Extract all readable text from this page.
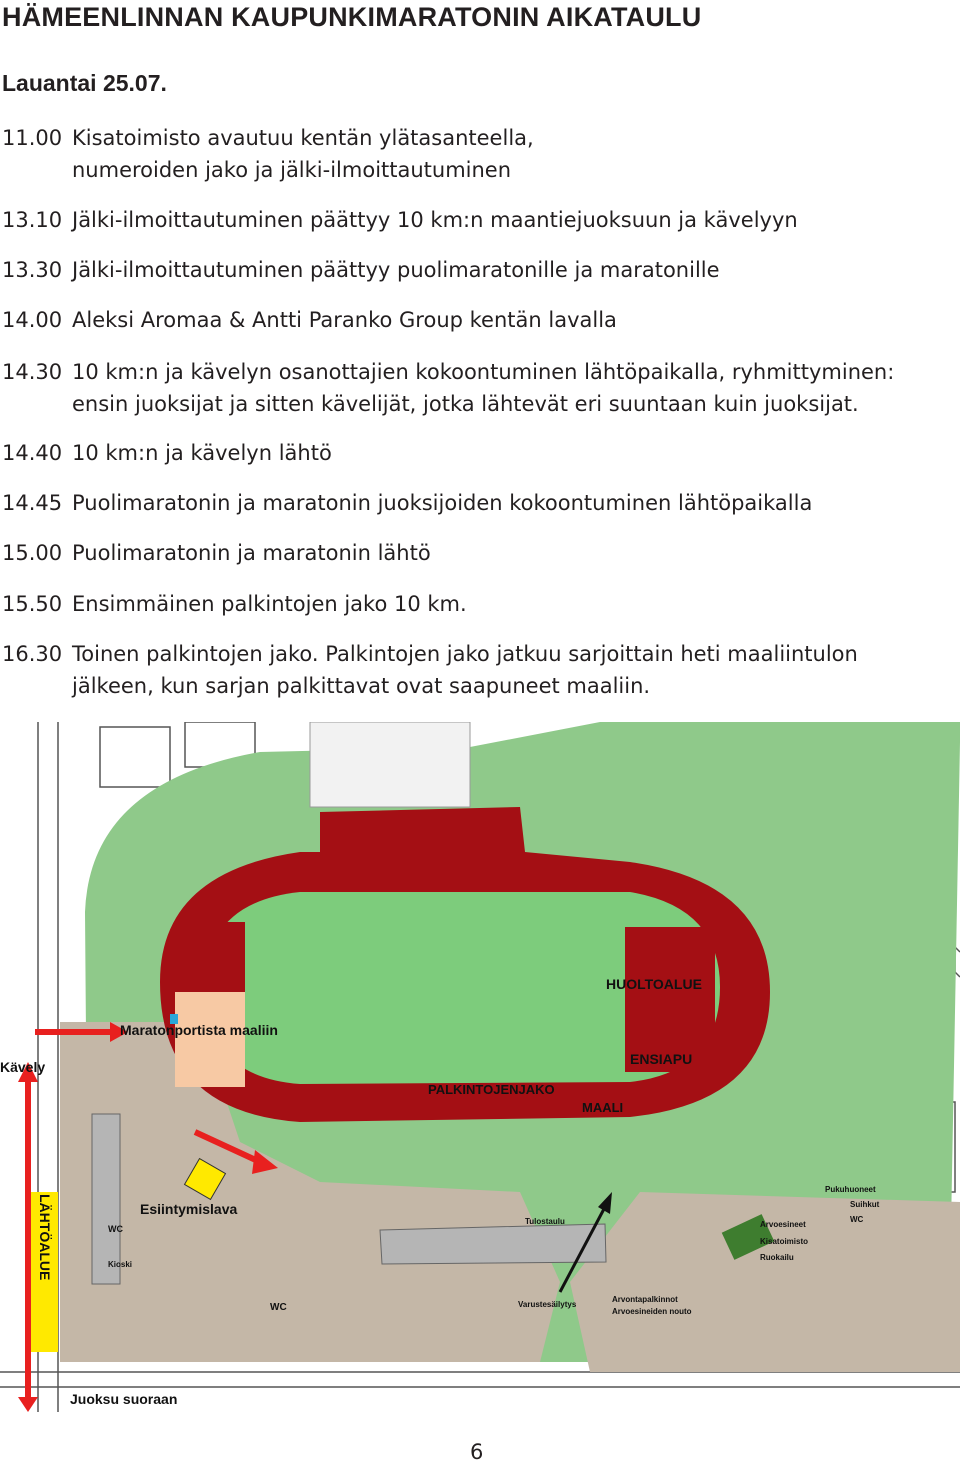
HÄMEENLINNAN KAUPUNKIMARATONIN AIKATAULU
Lauantai 25.07.
11.00 Kisatoimisto avautuu kentän ylätasanteella,
numeroiden jako ja jälki-ilmoittautuminen
13.10 Jälki-ilmoittautuminen päättyy 10 km:n maantiejuoksuun ja kävelyyn
13.30 Jälki-ilmoittautuminen päättyy puolimaratonille ja maratonille
14.00 Aleksi Aromaa & Antti Paranko Group kentän lavalla
14.30 10 km:n ja kävelyn osanottajien kokoontuminen lähtöpaikalla, ryhmittyminen:
ensin juoksijat ja sitten kävelijät, jotka lähtevät eri suuntaan kuin juoksijat.
14.40 10 km:n ja kävelyn lähtö
14.45 Puolimaratonin ja maratonin juoksijoiden kokoontuminen lähtöpaikalla
15.00 Puolimaratonin ja maratonin lähtö
15.50 Ensimmäinen palkintojen jako 10 km.
16.30 Toinen palkintojen jako. Palkintojen jako jatkuu sarjoittain heti maaliintulon
jälkeen, kun sarjan palkittavat ovat saapuneet maaliin.
HUOLTOALUE
ENSIAPU
Maratonportista maaliin
Kävely
PALKINTOJENJAKO
MAALI
Esiintymislava
LÄHTÖALUE
Juoksu suoraan
WC
Kioski
WC
Tulostaulu
Varustesäilytys
Arvontapalkinnot
Arvoesineiden nouto
Pukuhuoneet
Suihkut
WC
Arvoesineet
Kisatoimisto
Ruokailu
6
